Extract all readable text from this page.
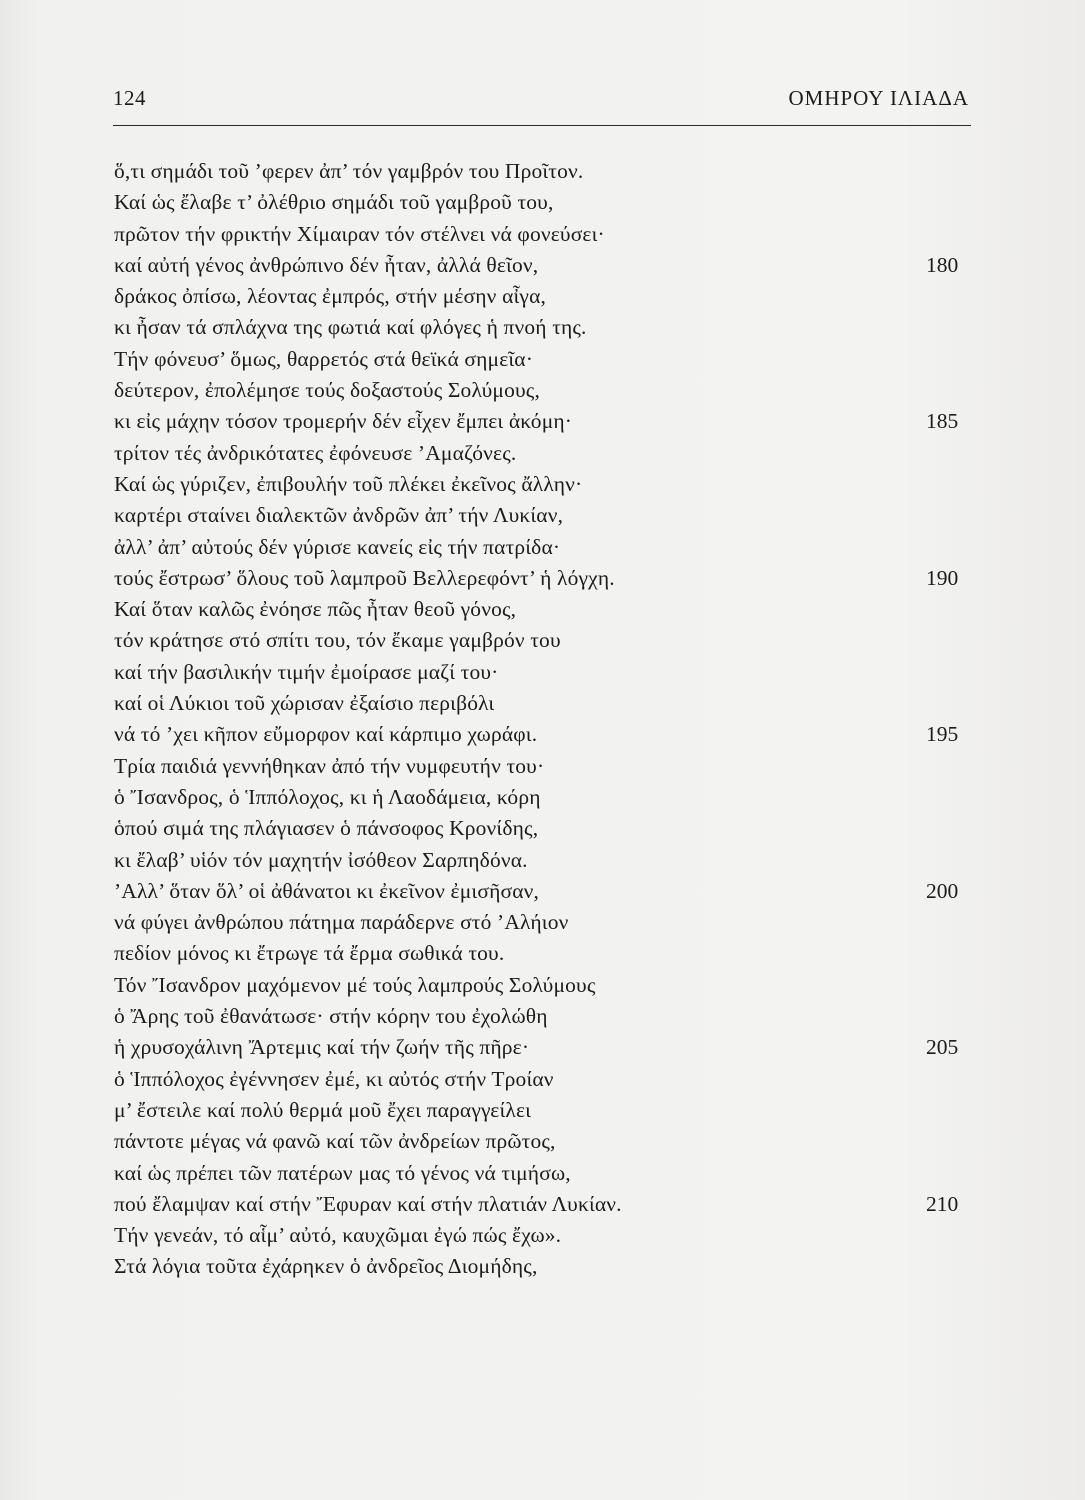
124	ΟΜΗΡΟΥ ΙΛΙΑΔΑ
ὅ,τι σημάδι τοῦ ’φερεν ἀπ’ τόν γαμβρόν του Προῖτον.
Καί ὡς ἔλαβε τ’ ὀλέθριο σημάδι τοῦ γαμβροῦ του,
πρῶτον τήν φρικτήν Χίμαιραν τόν στέλνει νά φονεύσει·
καί αὐτή γένος ἀνθρώπινο δέν ἦταν, ἀλλά θεῖον,	180
δράκος ὀπίσω, λέοντας ἐμπρός, στήν μέσην αἶγα,
κι ἦσαν τά σπλάχνα της φωτιά καί φλόγες ἡ πνοή της.
Τήν φόνευσ’ ὅμως, θαρρετός στά θεϊκά σημεῖα·
δεύτερον, ἐπολέμησε τούς δοξαστούς Σολύμους,
κι εἰς μάχην τόσον τρομερήν δέν εἶχεν ἔμπει ἀκόμη·	185
τρίτον τές ἀνδρικότατες ἐφόνευσε ’Αμαζόνες.
Καί ὡς γύριζεν, ἐπιβουλήν τοῦ πλέκει ἐκεῖνος ἄλλην·
καρτέρι σταίνει διαλεκτῶν ἀνδρῶν ἀπ’ τήν Λυκίαν,
ἀλλ’ ἀπ’ αὐτούς δέν γύρισε κανείς εἰς τήν πατρίδα·
τούς ἔστρωσ’ ὅλους τοῦ λαμπροῦ Βελλερεφόντ’ ἡ λόγχη.	190
Καί ὅταν καλῶς ἐνόησε πῶς ἦταν θεοῦ γόνος,
τόν κράτησε στό σπίτι του, τόν ἔκαμε γαμβρόν του
καί τήν βασιλικήν τιμήν ἐμοίρασε μαζί του·
καί οἱ Λύκιοι τοῦ χώρισαν ἐξαίσιο περιβόλι
νά τό ’χει κῆπον εὔμορφον καί κάρπιμο χωράφι.	195
Τρία παιδιά γεννήθηκαν ἀπό τήν νυμφευτήν του·
ὁ Ἴσανδρος, ὁ Ἱππόλοχος, κι ἡ Λαοδάμεια, κόρη
ὁπού σιμά της πλάγιασεν ὁ πάνσοφος Κρονίδης,
κι ἔλαβ’ υἱόν τόν μαχητήν ἰσόθεον Σαρπηδόνα.
’Αλλ’ ὅταν ὅλ’ οἱ ἀθάνατοι κι ἐκεῖνον ἐμισῆσαν,	200
νά φύγει ἀνθρώπου πάτημα παράδερνε στό ’Αλήιον
πεδίον μόνος κι ἔτρωγε τά ἔρμα σωθικά του.
Τόν Ἴσανδρον μαχόμενον μέ τούς λαμπρούς Σολύμους
ὁ Ἄρης τοῦ ἐθανάτωσε· στήν κόρην του ἐχολώθη
ἡ χρυσοχάλινη Ἄρτεμις καί τήν ζωήν τῆς πῆρε·	205
ὁ Ἱππόλοχος ἐγέννησεν ἐμέ, κι αὐτός στήν Τροίαν
μ’ ἔστειλε καί πολύ θερμά μοῦ ἔχει παραγγείλει
πάντοτε μέγας νά φανῶ καί τῶν ἀνδρείων πρῶτος,
καί ὡς πρέπει τῶν πατέρων μας τό γένος νά τιμήσω,
πού ἔλαμψαν καί στήν Ἔφυραν καί στήν πλατιάν Λυκίαν.	210
Τήν γενεάν, τό αἷμ’ αὐτό, καυχῶμαι ἐγώ πώς ἔχω».
Στά λόγια τοῦτα ἐχάρηκεν ὁ ἀνδρεῖος Διομήδης,
